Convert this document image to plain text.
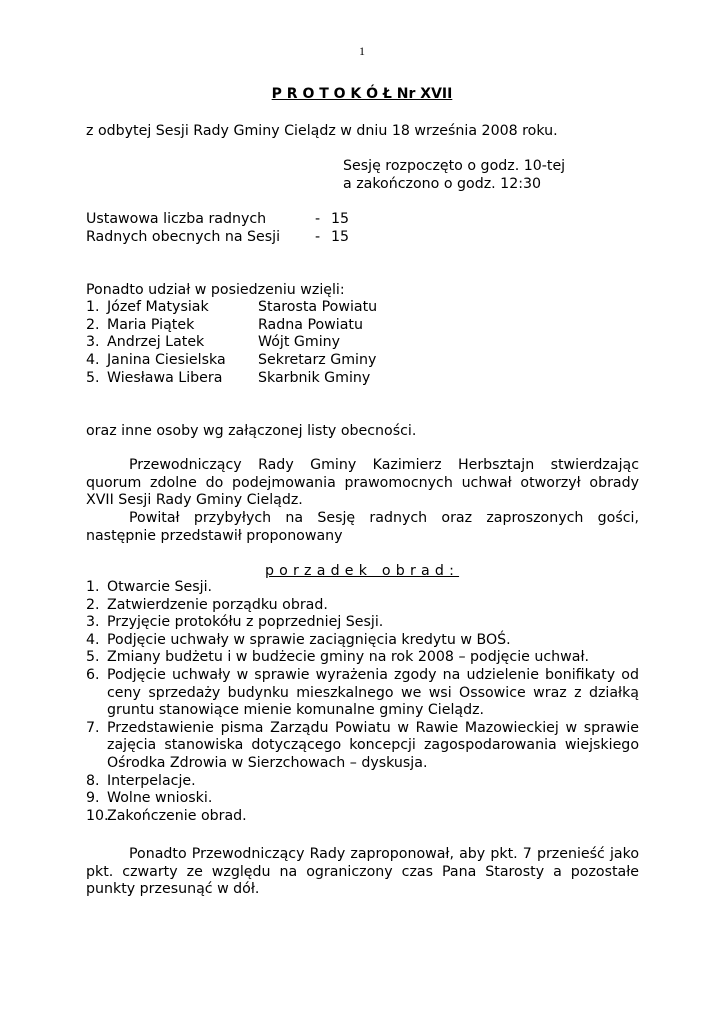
1
P R O T O K Ó Ł Nr XVII
z odbytej Sesji Rady Gminy Cielądz w dniu 18 września 2008 roku.
Sesję rozpoczęto o godz. 10-tej
a zakończono o godz. 12:30
Ustawowa liczba radnych	- 15
Radnych obecnych na Sesji - 15
Ponadto udział w posiedzeniu wzięli:
1. Józef Matysiak	Starosta Powiatu
2. Maria Piątek	Radna Powiatu
3. Andrzej Latek	Wójt Gminy
4. Janina Ciesielska Sekretarz Gminy
5. Wiesława Libera	Skarbnik Gminy
oraz inne osoby wg załączonej listy obecności.
Przewodniczący Rady Gminy Kazimierz Herbsztajn stwierdzając quorum zdolne do podejmowania prawomocnych uchwał otworzył obrady XVII Sesji Rady Gminy Cielądz.
Powitał przybyłych na Sesję radnych oraz zaproszonych gości, następnie przedstawił proponowany
porzadek obrad:
1. Otwarcie Sesji.
2. Zatwierdzenie porządku obrad.
3. Przyjęcie protokółu z poprzedniej Sesji.
4. Podjęcie uchwały w sprawie zaciągnięcia kredytu w BOŚ.
5. Zmiany budżetu i w budżecie gminy na rok 2008 – podjęcie uchwał.
6. Podjęcie uchwały w sprawie wyrażenia zgody na udzielenie bonifikaty od ceny sprzedaży budynku mieszkalnego we wsi Ossowice wraz z działką gruntu stanowiące mienie komunalne gminy Cielądz.
7. Przedstawienie pisma Zarządu Powiatu w Rawie Mazowieckiej w sprawie zajęcia stanowiska dotyczącego koncepcji zagospodarowania wiejskiego Ośrodka Zdrowia w Sierzchowach – dyskusja.
8. Interpelacje.
9. Wolne wnioski.
10.
Zakończenie obrad.
Ponadto Przewodniczący Rady zaproponował, aby pkt. 7 przenieść jako pkt. czwarty ze względu na ograniczony czas Pana Starosty a pozostałe punkty przesunąć w dół.
